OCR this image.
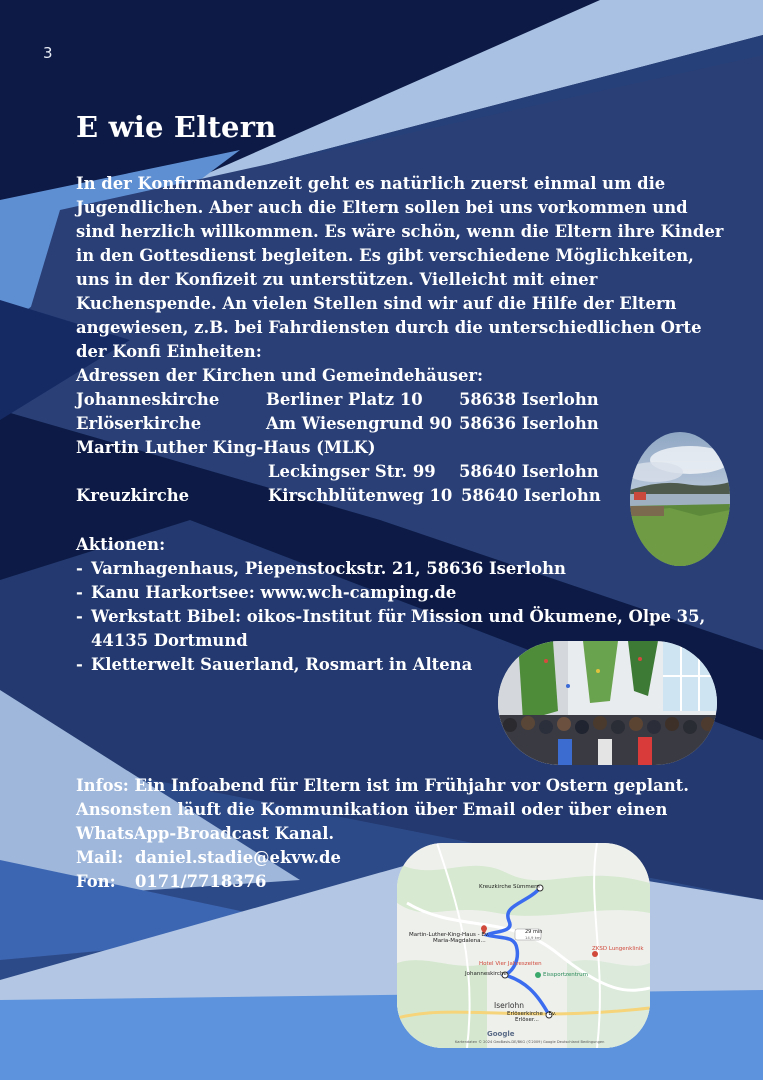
3
E wie Eltern

In der Konfirmandenzeit geht es natürlich zuerst einmal um die Jugendlichen. Aber auch die Eltern sollen bei uns vorkommen und sind herzlich willkommen. Es wäre schön, wenn die Eltern ihre Kinder in den Gottesdienst begleiten. Es gibt verschiedene Möglichkeiten, uns in der Konfizeit zu unterstützen. Vielleicht mit einer Kuchenspende. An vielen Stellen sind wir auf die Hilfe der Eltern angewiesen, z.B. bei Fahrdiensten durch die unterschiedlichen Orte der Konfi Einheiten:

Adressen der Kirchen und Gemeindehäuser:
Johanneskirche	Berliner Platz 10 58638 Iserlohn
Erlöserkirche	Am Wiesengrund 90 58636 Iserlohn
Martin Luther King-Haus (MLK)
Leckingser Str. 99 58640 Iserlohn
Kreuzkirche	Kirschblütenweg 10 58640 Iserlohn
Aktionen:
- Varnhagenhaus, Piepenstockstr. 21, 58636 Iserlohn
- Kanu Harkortsee: www.wch-camping.de
- Werkstatt Bibel: oikos-Institut für Mission und Ökumene, Olpe 35, 44135 Dortmund
- Kletterwelt Sauerland, Rosmart in Altena
Infos: Ein Infoabend für Eltern ist im Frühjahr vor Ostern geplant. Ansonsten läuft die Kommunikation über Email oder über einen WhatsApp-Broadcast Kanal.
Mail: daniel.stadie@ekvw.de
Fon:	0171/7718376	Kreuzkirche Sümmern
Martin-Luther-King-Haus - Ev.
Maria-Magdalena...
29 min
14,9 km
Hotel Vier Jahreszeiten
Johanneskirche	Eissportzentrum
ZKSD Lungenklinik
Iserlohn
Erlöserkirche - Ev.
Erlöser...
Google
Kartendaten © 2024 GeoBasis-DE/BKG (©2009) Google Deutschland Bedingungen
